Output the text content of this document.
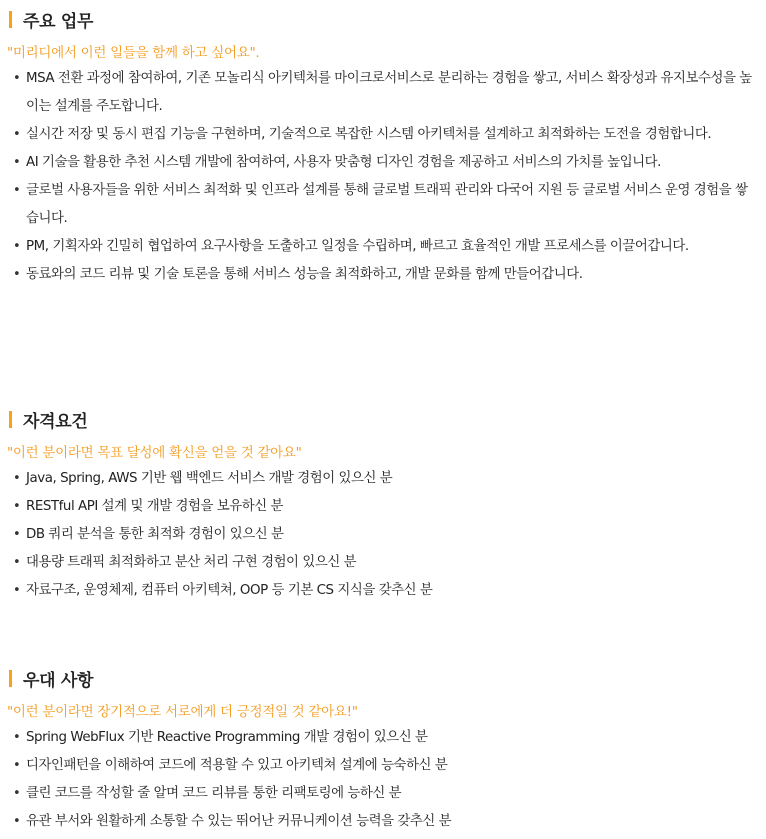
주요 업무
"미리디에서 이런 일들을 함께 하고 싶어요".
• MSA 전환 과정에 참여하여, 기존 모놀리식 아키텍처를 마이크로서비스로 분리하는 경험을 쌓고, 서비스 확장성과 유지보수성을 높이는 설계를 주도합니다.
• 실시간 저장 및 동시 편집 기능을 구현하며, 기술적으로 복잡한 시스템 아키텍처를 설계하고 최적화하는 도전을 경험합니다.
• AI 기술을 활용한 추천 시스템 개발에 참여하여, 사용자 맞춤형 디자인 경험을 제공하고 서비스의 가치를 높입니다.
• 글로벌 사용자들을 위한 서비스 최적화 및 인프라 설계를 통해 글로벌 트래픽 관리와 다국어 지원 등 글로벌 서비스 운영 경험을 쌓습니다.
• PM, 기획자와 긴밀히 협업하여 요구사항을 도출하고 일정을 수립하며, 빠르고 효율적인 개발 프로세스를 이끌어갑니다.
• 동료와의 코드 리뷰 및 기술 토론을 통해 서비스 성능을 최적화하고, 개발 문화를 함께 만들어갑니다.
자격요건
"이런 분이라면 목표 달성에 확신을 얻을 것 같아요"
• Java, Spring, AWS 기반 웹 백엔드 서비스 개발 경험이 있으신 분
• RESTful API 설계 및 개발 경험을 보유하신 분
• DB 쿼리 분석을 통한 최적화 경험이 있으신 분
• 대용량 트래픽 최적화하고 분산 처리 구현 경험이 있으신 분
• 자료구조, 운영체제, 컴퓨터 아키텍쳐, OOP 등 기본 CS 지식을 갖추신 분
우대 사항
"이런 분이라면 장기적으로 서로에게 더 긍정적일 것 같아요!"
• Spring WebFlux 기반 Reactive Programming 개발 경험이 있으신 분
• 디자인패턴을 이해하여 코드에 적용할 수 있고 아키텍쳐 설계에 능숙하신 분
• 클린 코드를 작성할 줄 알며 코드 리뷰를 통한 리팩토링에 능하신 분
• 유관 부서와 원활하게 소통할 수 있는 뛰어난 커뮤니케이션 능력을 갖추신 분
